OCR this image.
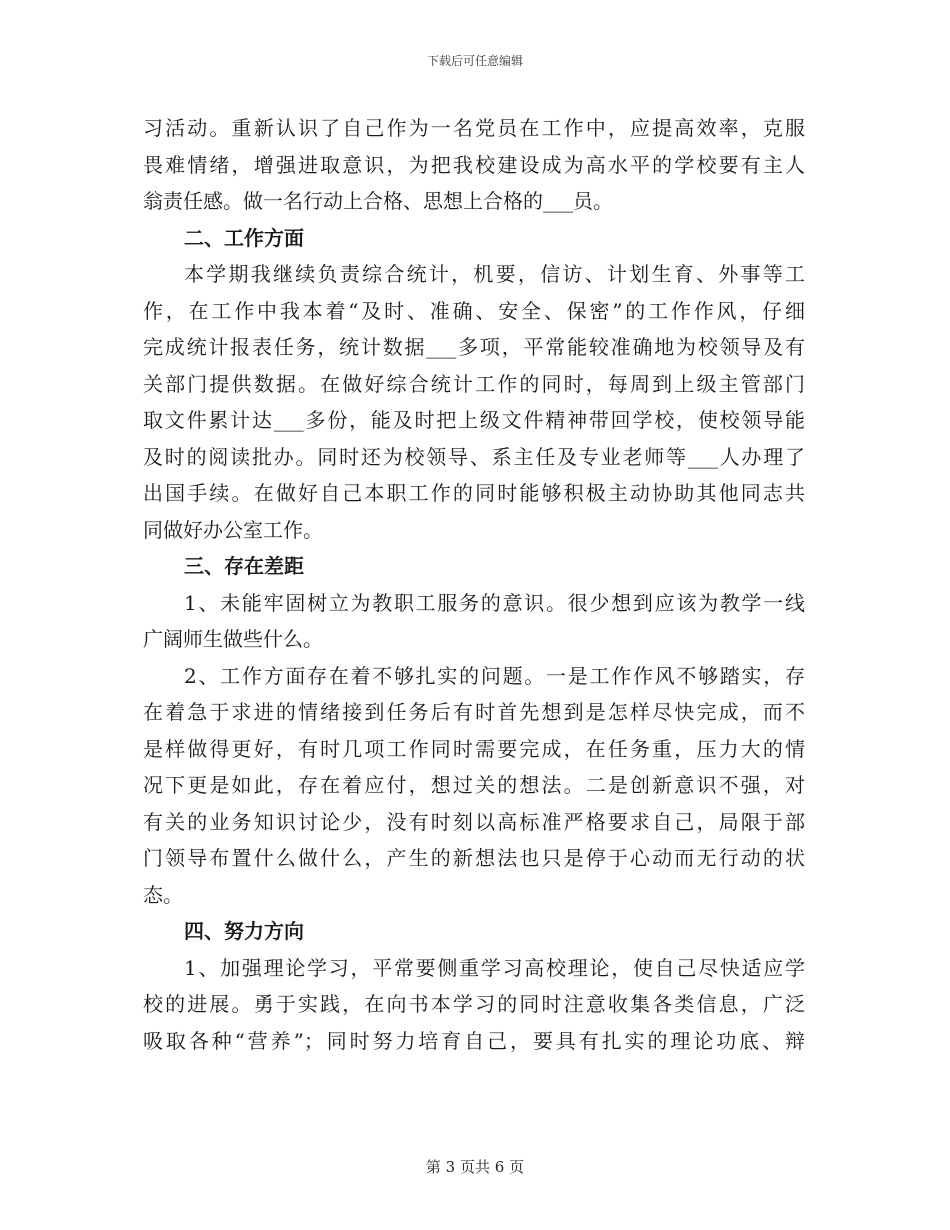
下载后可任意编辑
习活动。重新认识了自己作为一名党员在工作中，应提高效率，克服
畏难情绪，增强进取意识，为把我校建设成为高水平的学校要有主人
翁责任感。做一名行动上合格、思想上合格的___员。
二、工作方面
本学期我继续负责综合统计，机要，信访、计划生育、外事等工
作，在工作中我本着“及时、准确、安全、保密”的工作作风，仔细
完成统计报表任务，统计数据___多项，平常能较准确地为校领导及有
关部门提供数据。在做好综合统计工作的同时，每周到上级主管部门
取文件累计达___多份，能及时把上级文件精神带回学校，使校领导能
及时的阅读批办。同时还为校领导、系主任及专业老师等___人办理了
出国手续。在做好自己本职工作的同时能够积极主动协助其他同志共
同做好办公室工作。
三、存在差距
1、未能牢固树立为教职工服务的意识。很少想到应该为教学一线
广阔师生做些什么。
2、工作方面存在着不够扎实的问题。一是工作作风不够踏实，存
在着急于求进的情绪接到任务后有时首先想到是怎样尽快完成，而不
是样做得更好，有时几项工作同时需要完成，在任务重，压力大的情
况下更是如此，存在着应付，想过关的想法。二是创新意识不强，对
有关的业务知识讨论少，没有时刻以高标准严格要求自己，局限于部
门领导布置什么做什么，产生的新想法也只是停于心动而无行动的状
态。
四、努力方向
1、加强理论学习，平常要侧重学习高校理论，使自己尽快适应学
校的进展。勇于实践，在向书本学习的同时注意收集各类信息，广泛
吸取各种“营养”；同时努力培育自己，要具有扎实的理论功底、辩
第 3 页共 6 页
